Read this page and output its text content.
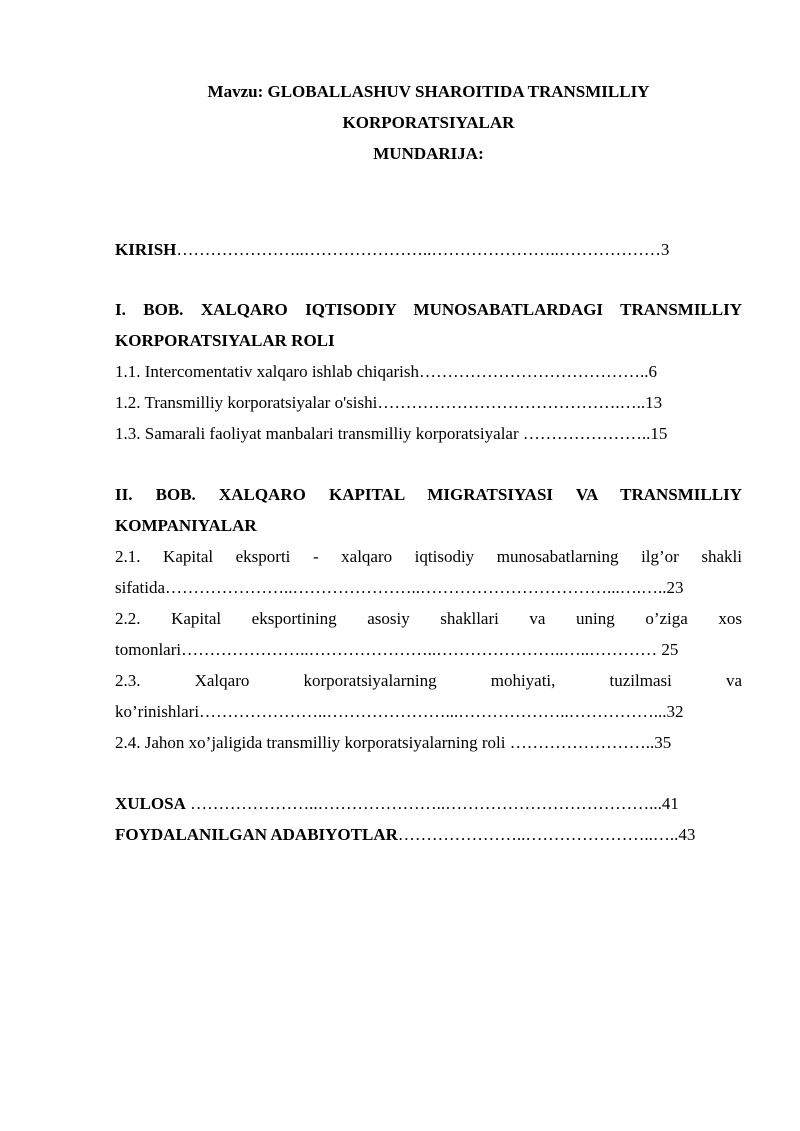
Mavzu: GLOBALLASHUV SHAROITIDA TRANSMILLIY
KORPORATSIYALAR
MUNDARIJA:
KIRISH…………………..…………………..…………………..………………3
I. BOB. XALQARO IQTISODIY MUNOSABATLARDAGI TRANSMILLIY
KORPORATSIYALAR ROLI
1.1. Intercomentativ xalqaro ishlab chiqarish…………………………………..6
1.2. Transmilliy korporatsiyalar o'sishi…………………………………….…..13
1.3. Samarali faoliyat manbalari transmilliy korporatsiyalar …………………..15
II. BOB. XALQARO KAPITAL MIGRATSIYASI VA TRANSMILLIY
KOMPANIYALAR
2.1. Kapital eksporti - xalqaro iqtisodiy munosabatlarning ilg’or shakli
sifatida…………………..…………………..……………………………...….…..23
2.2. Kapital eksportining asosiy shakllari va uning o’ziga xos
tomonlari…………………..…………………..…………………..…..………… 25
2.3. Xalqaro korporatsiyalarning mohiyati, tuzilmasi va
ko’rinishlari…………………..…………………...………………..……………...32
2.4. Jahon xo’jaligida transmilliy korporatsiyalarning roli ……………………..35
XULOSA …………………..…………………..………………………………...41
FOYDALANILGAN ADABIYOTLAR…………………..…………………..…..43
